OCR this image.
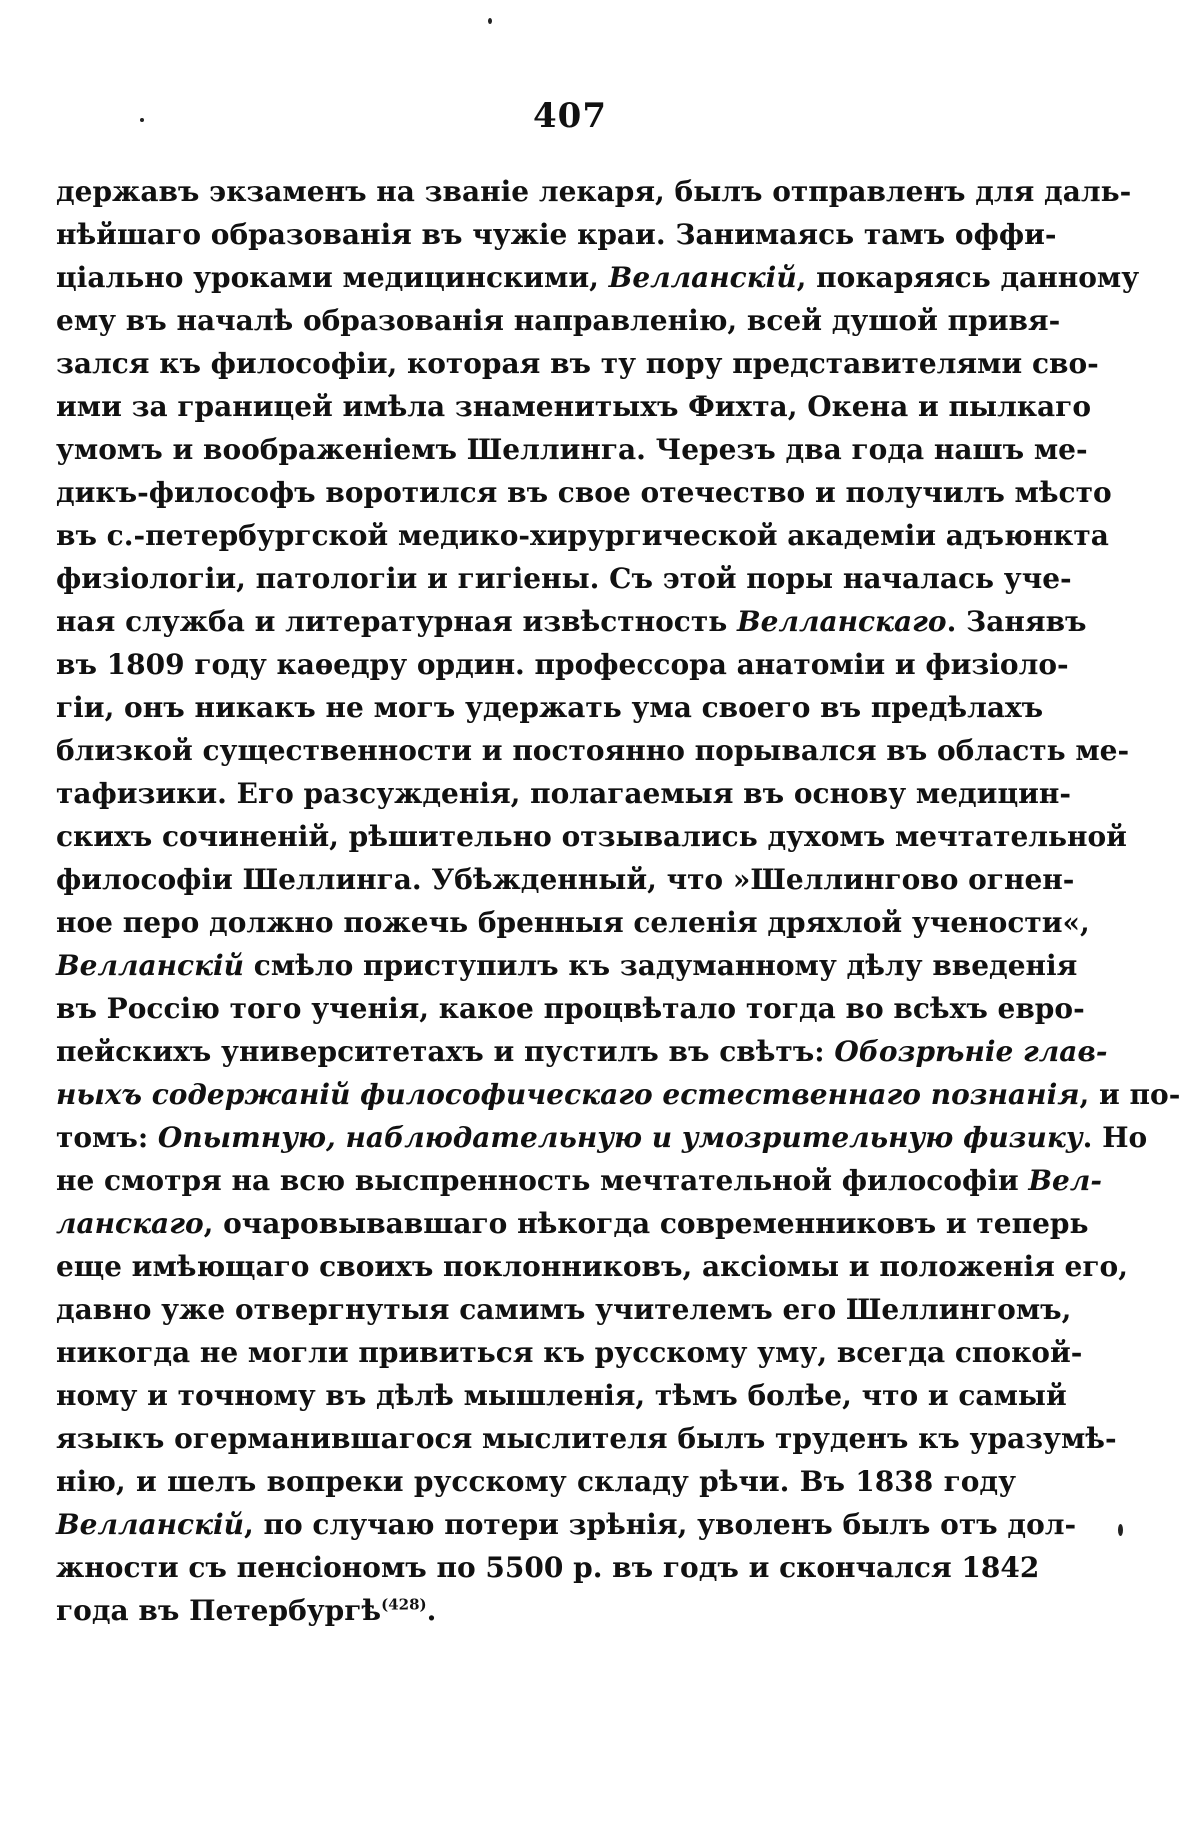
407
державъ экзаменъ на званіе лекаря, былъ отправленъ для даль-
нѣйшаго образованія въ чужіе краи. Занимаясь тамъ оффи-
ціально уроками медицинскими, Велланскій, покаряясь данному
ему въ началѣ образованія направленію, всей душой привя-
зался къ философіи, которая въ ту пору представителями сво-
ими за границей имѣла знаменитыхъ Фихта, Окена и пылкаго
умомъ и воображеніемъ Шеллинга. Черезъ два года нашъ ме-
дикъ-философъ воротился въ свое отечество и получилъ мѣсто
въ с.-петербургской медико-хирургической академіи адъюнкта
физіологіи, патологіи и гигіены. Съ этой поры началась уче-
ная служба и литературная извѣстность Велланскаго. Занявъ
въ 1809 году каѳедру ордин. профессора анатоміи и физіоло-
гіи, онъ никакъ не могъ удержать ума своего въ предѣлахъ
близкой существенности и постоянно порывался въ область ме-
тафизики. Его разсужденія, полагаемыя въ основу медицин-
скихъ сочиненій, рѣшительно отзывались духомъ мечтательной
философіи Шеллинга. Убѣжденный, что »Шеллингово огнен-
ное перо должно пожечь бренныя селенія дряхлой учености«,
Велланскій смѣло приступилъ къ задуманному дѣлу введенія
въ Россію того ученія, какое процвѣтало тогда во всѣхъ евро-
пейскихъ университетахъ и пустилъ въ свѣтъ: Обозрѣніе глав-
ныхъ содержаній философическаго естественнаго познанія, и по-
томъ: Опытную, наблюдательную и умозрительную физику. Но
не смотря на всю выспренность мечтательной философіи Вел-
ланскаго, очаровывавшаго нѣкогда современниковъ и теперь
еще имѣющаго своихъ поклонниковъ, аксіомы и положенія его,
давно уже отвергнутыя самимъ учителемъ его Шеллингомъ,
никогда не могли привиться къ русскому уму, всегда спокой-
ному и точному въ дѣлѣ мышленія, тѣмъ болѣе, что и самый
языкъ огерманившагося мыслителя былъ труденъ къ уразумѣ-
нію, и шелъ вопреки русскому складу рѣчи. Въ 1838 году
Велланскій, по случаю потери зрѣнія, уволенъ былъ отъ дол-
жности съ пенсіономъ по 5500 р. въ годъ и скончался 1842
года въ Петербургѣ$^{(428)}$.
